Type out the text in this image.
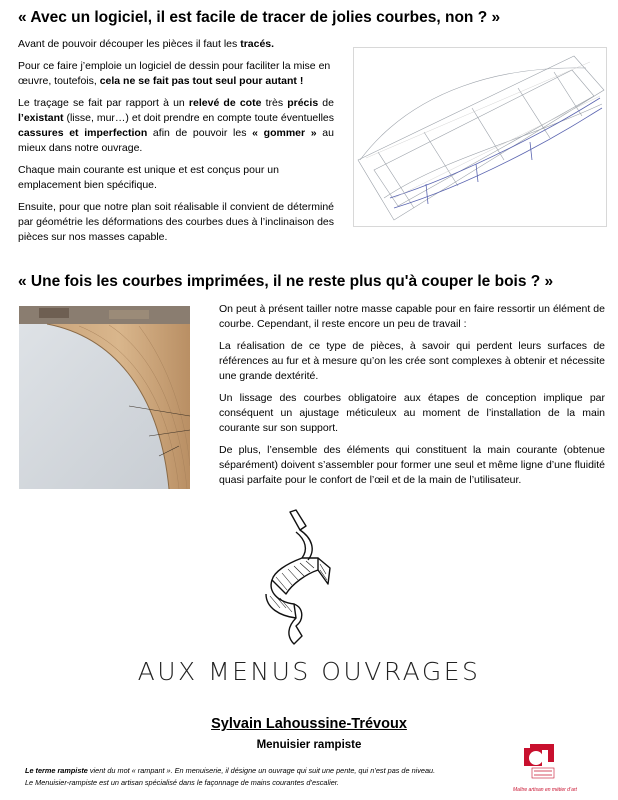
« Avec un logiciel, il est facile de tracer de jolies courbes, non ? »

Avant de pouvoir découper les pièces il faut les tracés.

Pour ce faire j’emploie un logiciel de dessin pour faciliter la mise en œuvre, toutefois, cela ne se fait pas tout seul pour autant !

Le traçage se fait par rapport à un relevé de cote très précis de l’existant (lisse, mur…) et doit prendre en compte toute éventuelles cassures et imperfection afin de pouvoir les « gommer » au mieux dans notre ouvrage.

Chaque main courante est unique et est conçus pour un emplacement bien spécifique.

Ensuite, pour que notre plan soit réalisable il convient de déterminé par géométrie les déformations des courbes dues à l’inclinaison des pièces sur nos masses capable.

« Une fois les courbes imprimées, il ne reste plus qu'à couper le bois ? »

On peut à présent tailler notre masse capable pour en faire ressortir un élément de courbe. Cependant, il reste encore un peu de travail :

La réalisation de ce type de pièces, à savoir qui perdent leurs surfaces de références au fur et à mesure qu’on les crée sont complexes à obtenir et nécessite une grande dextérité.

Un lissage des courbes obligatoire aux étapes de conception implique par conséquent un ajustage méticuleux au moment de l’installation de la main courante sur son support.

De plus, l’ensemble des éléments qui constituent la main courante (obtenue séparément) doivent s’assembler pour former une seul et même ligne d’une fluidité quasi parfaite pour le confort de l’œil et de la main de l’utilisateur.

AUX MENUS OUVRAGES
Sylvain Lahoussine-Trévoux
Menuisier rampiste
Le terme rampiste vient du mot « rampant ». En menuiserie, il désigne un ouvrage qui suit une pente, qui n’est pas de niveau.
Le Menuisier-rampiste est un artisan spécialisé dans le façonnage de mains courantes d’escalier.
Maître artisan en métier d’art
